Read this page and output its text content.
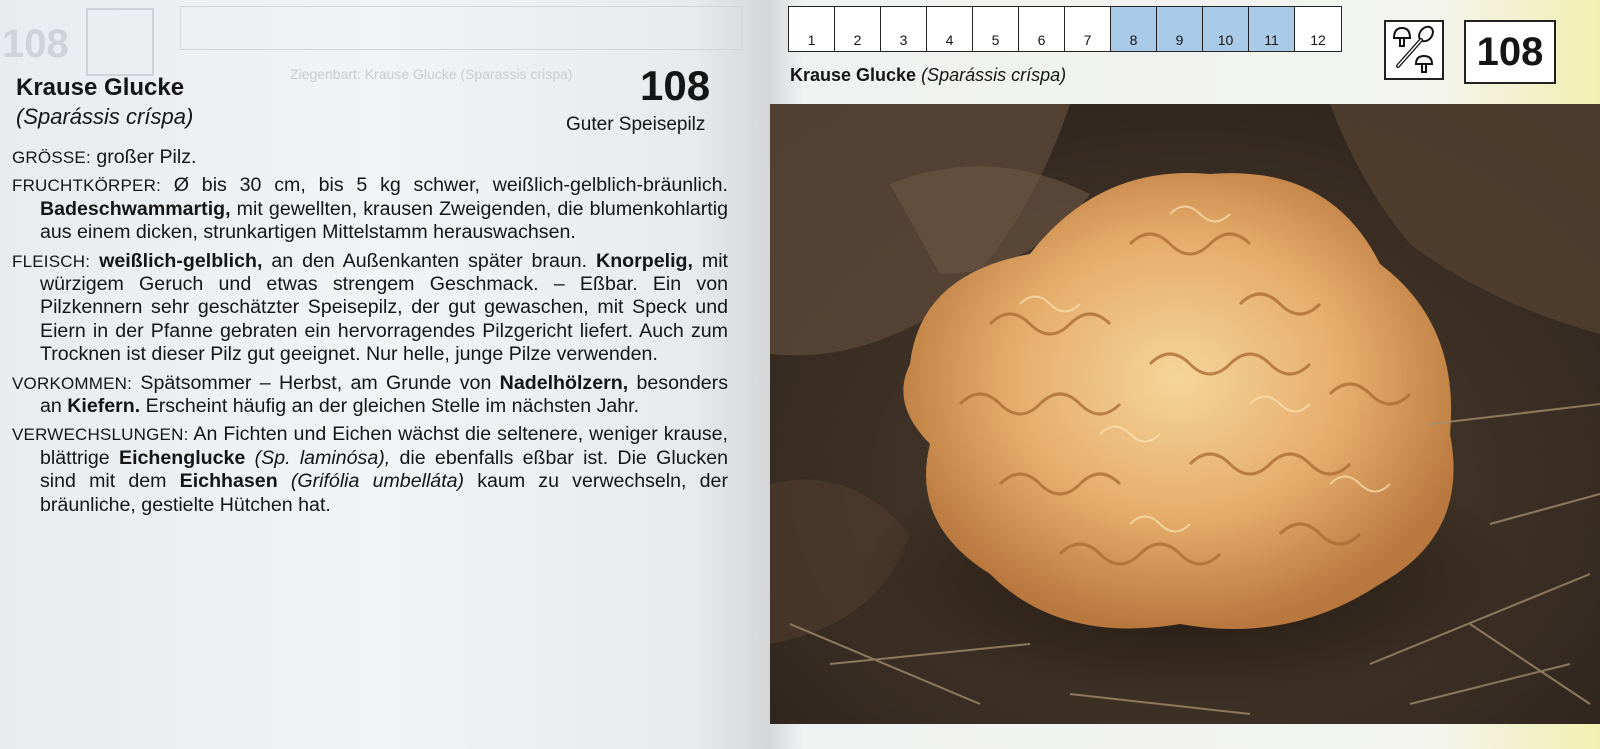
108
Ziegenbart: Krause Glucke (Sparassis crispa)
Krause Glucke
(Sparássis críspa)
108
Guter Speisepilz

GRÖSSE: großer Pilz.

FRUCHTKÖRPER: Ø bis 30 cm, bis 5 kg schwer, weißlich-gelblich-bräunlich. Badeschwammartig, mit gewellten, krausen Zweigenden, die blumenkohlartig aus einem dicken, strunkartigen Mittelstamm herauswachsen.

FLEISCH: weißlich-gelblich, an den Außenkanten später braun. Knorpelig, mit würzigem Geruch und etwas strengem Geschmack. – Eßbar. Ein von Pilzkennern sehr geschätzter Speisepilz, der gut gewaschen, mit Speck und Eiern in der Pfanne gebraten ein hervorragendes Pilzgericht liefert. Auch zum Trocknen ist dieser Pilz gut geeignet. Nur helle, junge Pilze verwenden.

VORKOMMEN: Spätsommer – Herbst, am Grunde von Nadelhölzern, besonders an Kiefern. Erscheint häufig an der gleichen Stelle im nächsten Jahr.

VERWECHSLUNGEN: An Fichten und Eichen wächst die seltenere, weniger krause, blättrige Eichenglucke (Sp. laminósa), die ebenfalls eßbar ist. Die Glucken sind mit dem Eichhasen (Grifólia umbelláta) kaum zu verwechseln, der bräunliche, gestielte Hütchen hat.

1	2	3	4	5	6	7	8	9	10	11	12	108
Krause Glucke (Sparássis críspa)
